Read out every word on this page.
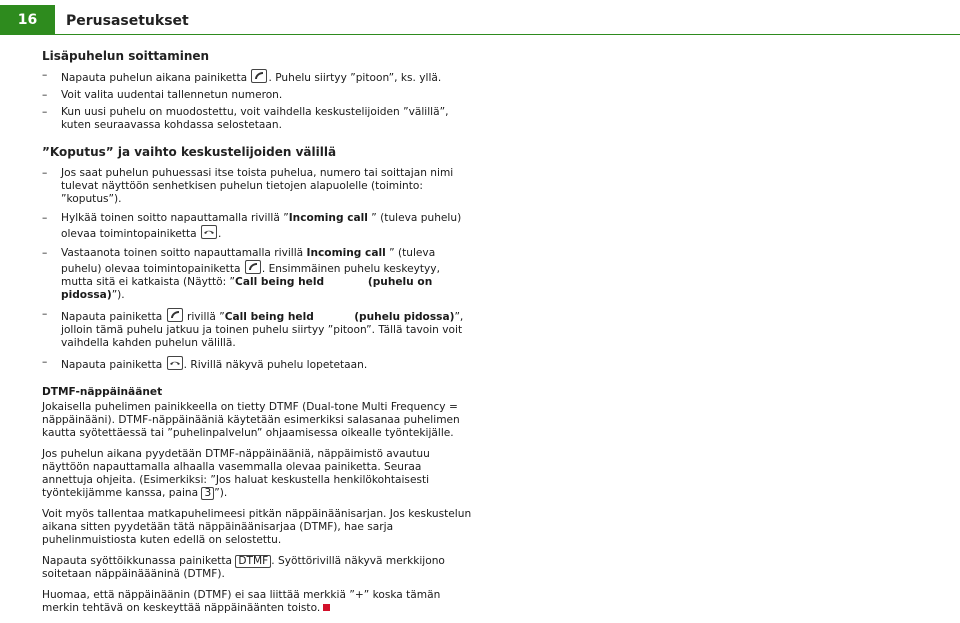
16	Perusasetukset
Lisäpuhelun soittaminen
– Napauta puhelun aikana painiketta
. Puhelu siirtyy ”pitoon”, ks. yllä.
– Voit valita uudentai tallennetun numeron.
– Kun uusi puhelu on muodostettu, voit vaihdella keskustelijoiden ”välillä”, kuten seuraavassa kohdassa selostetaan.
”Koputus” ja vaihto keskustelijoiden välillä
– Jos saat puhelun puhuessasi itse toista puhelua, numero tai soittajan nimi tulevat näyttöön senhetkisen puhelun tietojen alapuolelle (toiminto: ”koputus”).
– Hylkää toinen soitto napauttamalla rivillä ”Incoming call ” (tuleva puhelu) olevaa toimintopainiketta
.
– Vastaanota toinen soitto napauttamalla rivillä Incoming call ” (tuleva puhelu) olevaa toimintopainiketta
. Ensimmäinen puhelu keskeytyy, mutta sitä ei katkaista (Näyttö: ”Call being held	(puhelu on pidossa)”).
– Napauta painiketta
rivillä ”Call being held	(puhelu pidossa)”, jolloin tämä puhelu jatkuu ja toinen puhelu siirtyy ”pitoon”. Tällä tavoin voit vaihdella kahden puhelun välillä.
– Napauta painiketta
. Rivillä näkyvä puhelu lopetetaan.
DTMF-näppäinäänet

Jokaisella puhelimen painikkeella on tietty DTMF (Dual-tone Multi Frequency = näppäinääni). DTMF-näppäinääniä käytetään esimerkiksi salasanaa puhelimen kautta syötettäessä tai ”puhelinpalvelun” ohjaamisessa oikealle työntekijälle.

Jos puhelun aikana pyydetään DTMF-näppäinääniä, näppäimistö avautuu näyttöön napauttamalla alhaalla vasemmalla olevaa painiketta. Seuraa annettuja ohjeita. (Esimerkiksi: ”Jos haluat keskustella henkilökohtaisesti työntekijämme kanssa, paina 3 ”).

Voit myös tallentaa matkapuhelimeesi pitkän näppäinäänisarjan. Jos keskustelun aikana sitten pyydetään tätä näppäinäänisarjaa (DTMF), hae sarja puhelinmuistiosta kuten edellä on selostettu.

Napauta syöttöikkunassa painiketta DTMF . Syöttörivillä näkyvä merkkijono soitetaan näppäinäääninä (DTMF).

Huomaa, että näppäinäänin (DTMF) ei saa liittää merkkiä ”+” koska tämän merkin tehtävä on keskeyttää näppäinäänten toisto.
